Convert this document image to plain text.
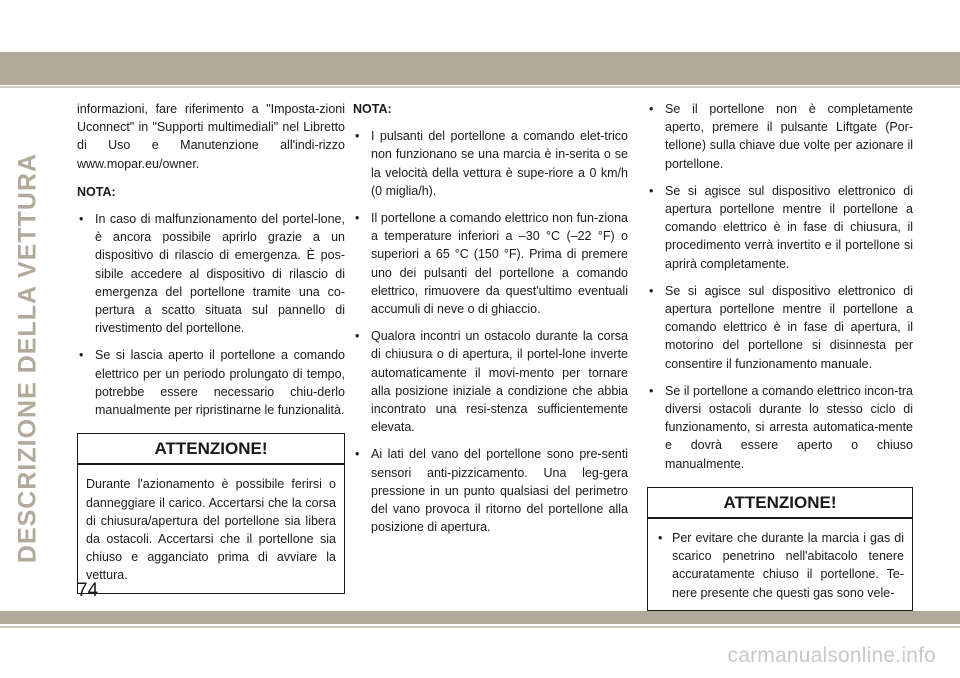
DESCRIZIONE DELLA VETTURA

informazioni, fare riferimento a "Imposta-zioni Uconnect" in "Supporti multimediali" nel Libretto di Uso e Manutenzione all'indi-rizzo www.mopar.eu/owner.

NOTA:
• In caso di malfunzionamento del portel-lone, è ancora possibile aprirlo grazie a un dispositivo di rilascio di emergenza. È pos-sibile accedere al dispositivo di rilascio di emergenza del portellone tramite una co-pertura a scatto situata sul pannello di rivestimento del portellone.
• Se si lascia aperto il portellone a comando elettrico per un periodo prolungato di tempo, potrebbe essere necessario chiu-derlo manualmente per ripristinarne le funzionalità.
ATTENZIONE!
Durante l'azionamento è possibile ferirsi o danneggiare il carico. Accertarsi che la corsa di chiusura/apertura del portellone sia libera da ostacoli. Accertarsi che il portellone sia chiuso e agganciato prima di avviare la vettura.
NOTA:
• I pulsanti del portellone a comando elet-trico non funzionano se una marcia è in-serita o se la velocità della vettura è supe-riore a 0 km/h (0 miglia/h).
• Il portellone a comando elettrico non fun-ziona a temperature inferiori a –30 °C (–22 °F) o superiori a 65 °C (150 °F). Prima di premere uno dei pulsanti del portellone a comando elettrico, rimuovere da quest'ultimo eventuali accumuli di neve o di ghiaccio.
• Qualora incontri un ostacolo durante la corsa di chiusura o di apertura, il portel-lone inverte automaticamente il movi-mento per tornare alla posizione iniziale a condizione che abbia incontrato una resi-stenza sufficientemente elevata.
• Ai lati del vano del portellone sono pre-senti sensori anti-pizzicamento. Una leg-gera pressione in un punto qualsiasi del perimetro del vano provoca il ritorno del portellone alla posizione di apertura.
• Se il portellone non è completamente aperto, premere il pulsante Liftgate (Por-tellone) sulla chiave due volte per azionare il portellone.
• Se si agisce sul dispositivo elettronico di apertura portellone mentre il portellone a comando elettrico è in fase di chiusura, il procedimento verrà invertito e il portellone si aprirà completamente.
• Se si agisce sul dispositivo elettronico di apertura portellone mentre il portellone a comando elettrico è in fase di apertura, il motorino del portellone si disinnesta per consentire il funzionamento manuale.
• Se il portellone a comando elettrico incon-tra diversi ostacoli durante lo stesso ciclo di funzionamento, si arresta automatica-mente e dovrà essere aperto o chiuso manualmente.
ATTENZIONE!
• Per evitare che durante la marcia i gas di scarico penetrino nell'abitacolo tenere accuratamente chiuso il portellone. Te-nere presente che questi gas sono vele-
74
carmanualsonline.info
